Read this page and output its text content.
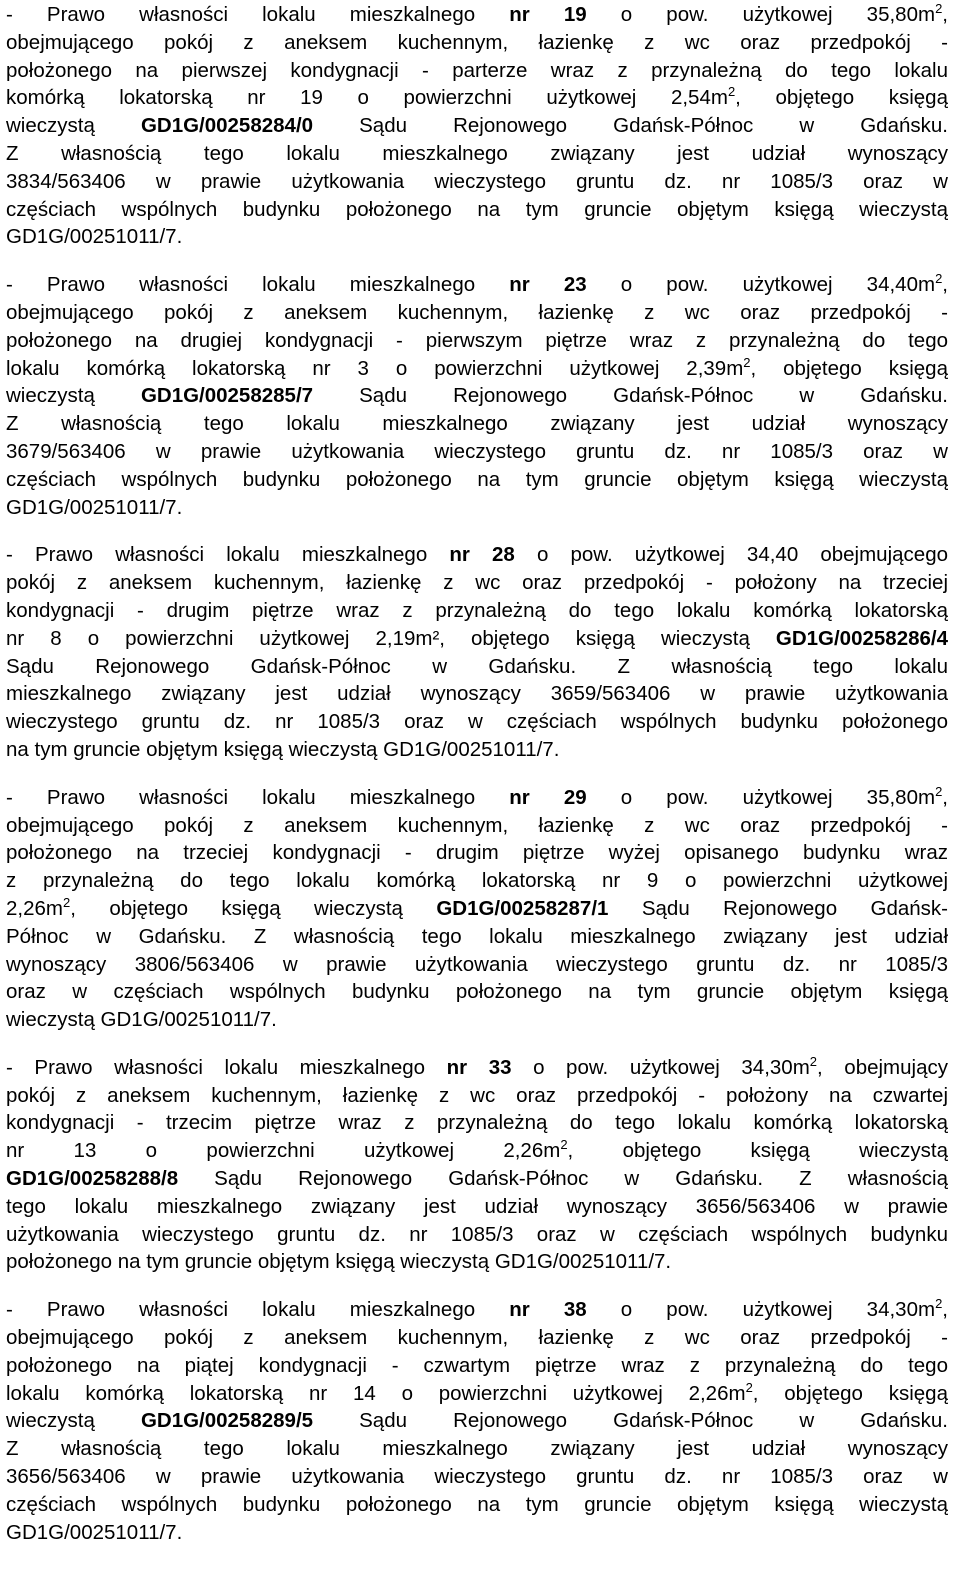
- Prawo własności lokalu mieszkalnego nr 19 o pow. użytkowej $35,80m^2$,
obejmującego pokój z aneksem kuchennym, łazienkę z wc oraz przedpokój -
położonego na pierwszej kondygnacji - parterze wraz z przynależną do tego lokalu
komórką lokatorską nr 19 o powierzchni użytkowej $2,54m^2$, objętego księgą
wieczystą GD1G/00258284/0 Sądu Rejonowego Gdańsk-Północ w Gdańsku.
Z własnością tego lokalu mieszkalnego związany jest udział wynoszący
3834/563406 w prawie użytkowania wieczystego gruntu dz. nr 1085/3 oraz w
częściach wspólnych budynku położonego na tym gruncie objętym księgą wieczystą
GD1G/00251011/7.

- Prawo własności lokalu mieszkalnego nr 23 o pow. użytkowej $34,40m^2$,
obejmującego pokój z aneksem kuchennym, łazienkę z wc oraz przedpokój -
położonego na drugiej kondygnacji - pierwszym piętrze wraz z przynależną do tego
lokalu komórką lokatorską nr 3 o powierzchni użytkowej $2,39m^2$, objętego księgą
wieczystą GD1G/00258285/7 Sądu Rejonowego Gdańsk-Północ w Gdańsku.
Z własnością tego lokalu mieszkalnego związany jest udział wynoszący
3679/563406 w prawie użytkowania wieczystego gruntu dz. nr 1085/3 oraz w
częściach wspólnych budynku położonego na tym gruncie objętym księgą wieczystą
GD1G/00251011/7.

- Prawo własności lokalu mieszkalnego nr 28 o pow. użytkowej 34,40 obejmującego
pokój z aneksem kuchennym, łazienkę z wc oraz przedpokój - położony na trzeciej
kondygnacji - drugim piętrze wraz z przynależną do tego lokalu komórką lokatorską
nr 8 o powierzchni użytkowej 2,19m², objętego księgą wieczystą GD1G/00258286/4
Sądu Rejonowego Gdańsk-Północ w Gdańsku. Z własnością tego lokalu
mieszkalnego związany jest udział wynoszący 3659/563406 w prawie użytkowania
wieczystego gruntu dz. nr 1085/3 oraz w częściach wspólnych budynku położonego
na tym gruncie objętym księgą wieczystą GD1G/00251011/7.

- Prawo własności lokalu mieszkalnego nr 29 o pow. użytkowej $35,80m^2$,
obejmującego pokój z aneksem kuchennym, łazienkę z wc oraz przedpokój -
położonego na trzeciej kondygnacji - drugim piętrze wyżej opisanego budynku wraz
z przynależną do tego lokalu komórką lokatorską nr 9 o powierzchni użytkowej
$2,26m^2$, objętego księgą wieczystą GD1G/00258287/1 Sądu Rejonowego Gdańsk-
Północ w Gdańsku. Z własnością tego lokalu mieszkalnego związany jest udział
wynoszący 3806/563406 w prawie użytkowania wieczystego gruntu dz. nr 1085/3
oraz w częściach wspólnych budynku położonego na tym gruncie objętym księgą
wieczystą GD1G/00251011/7.

- Prawo własności lokalu mieszkalnego nr 33 o pow. użytkowej $34,30m^2$, obejmujący
pokój z aneksem kuchennym, łazienkę z wc oraz przedpokój - położony na czwartej
kondygnacji - trzecim piętrze wraz z przynależną do tego lokalu komórką lokatorską
nr 13 o powierzchni użytkowej $2,26m^2$, objętego księgą wieczystą
GD1G/00258288/8 Sądu Rejonowego Gdańsk-Północ w Gdańsku. Z własnością
tego lokalu mieszkalnego związany jest udział wynoszący 3656/563406 w prawie
użytkowania wieczystego gruntu dz. nr 1085/3 oraz w częściach wspólnych budynku
położonego na tym gruncie objętym księgą wieczystą GD1G/00251011/7.

- Prawo własności lokalu mieszkalnego nr 38 o pow. użytkowej $34,30m^2$,
obejmującego pokój z aneksem kuchennym, łazienkę z wc oraz przedpokój -
położonego na piątej kondygnacji - czwartym piętrze wraz z przynależną do tego
lokalu komórką lokatorską nr 14 o powierzchni użytkowej $2,26m^2$, objętego księgą
wieczystą GD1G/00258289/5 Sądu Rejonowego Gdańsk-Północ w Gdańsku.
Z własnością tego lokalu mieszkalnego związany jest udział wynoszący
3656/563406 w prawie użytkowania wieczystego gruntu dz. nr 1085/3 oraz w
częściach wspólnych budynku położonego na tym gruncie objętym księgą wieczystą
GD1G/00251011/7.
